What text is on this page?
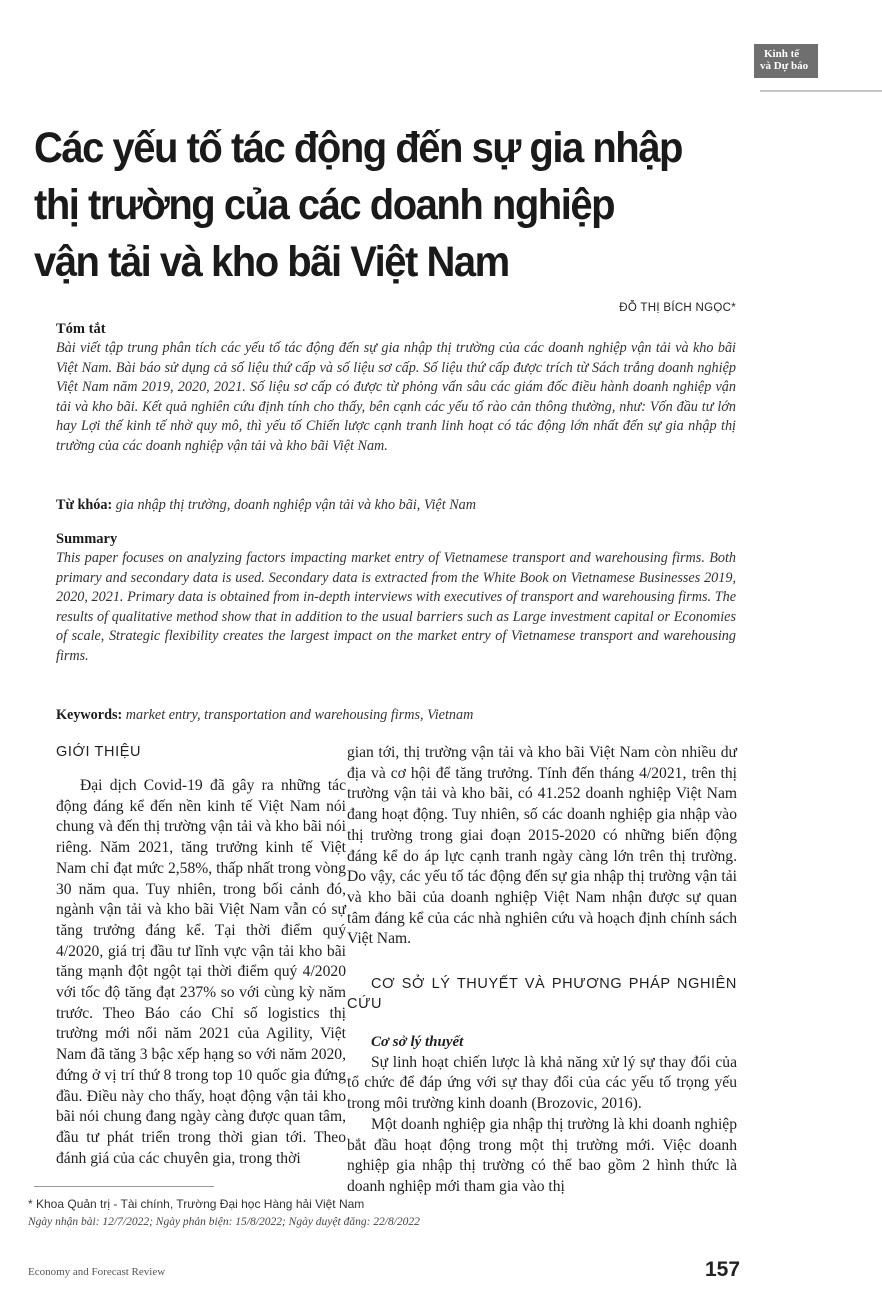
Kinh tế
và Dự báo
Các yếu tố tác động đến sự gia nhập
thị trường của các doanh nghiệp
vận tải và kho bãi Việt Nam
ĐỖ THỊ BÍCH NGỌC*
Tóm tắt
Bài viết tập trung phân tích các yếu tố tác động đến sự gia nhập thị trường của các doanh nghiệp vận tải và kho bãi Việt Nam. Bài báo sử dụng cả số liệu thứ cấp và số liệu sơ cấp. Số liệu thứ cấp được trích từ Sách trắng doanh nghiệp Việt Nam năm 2019, 2020, 2021. Số liệu sơ cấp có được từ phỏng vấn sâu các giám đốc điều hành doanh nghiệp vận tải và kho bãi. Kết quả nghiên cứu định tính cho thấy, bên cạnh các yếu tố rào cản thông thường, như: Vốn đầu tư lớn hay Lợi thế kinh tế nhờ quy mô, thì yếu tố Chiến lược cạnh tranh linh hoạt có tác động lớn nhất đến sự gia nhập thị trường của các doanh nghiệp vận tải và kho bãi Việt Nam.
Từ khóa: gia nhập thị trường, doanh nghiệp vận tải và kho bãi, Việt Nam
Summary
This paper focuses on analyzing factors impacting market entry of Vietnamese transport and warehousing firms. Both primary and secondary data is used. Secondary data is extracted from the White Book on Vietnamese Businesses 2019, 2020, 2021. Primary data is obtained from in-depth interviews with executives of transport and warehousing firms. The results of qualitative method show that in addition to the usual barriers such as Large investment capital or Economies of scale, Strategic flexibility creates the largest impact on the market entry of Vietnamese transport and warehousing firms.
Keywords: market entry, transportation and warehousing firms, Vietnam
GIỚI THIỆU

Đại dịch Covid-19 đã gây ra những tác động đáng kể đến nền kinh tế Việt Nam nói chung và đến thị trường vận tải và kho bãi nói riêng. Năm 2021, tăng trưởng kinh tế Việt Nam chỉ đạt mức 2,58%, thấp nhất trong vòng 30 năm qua. Tuy nhiên, trong bối cảnh đó, ngành vận tải và kho bãi Việt Nam vẫn có sự tăng trưởng đáng kể. Tại thời điểm quý 4/2020, giá trị đầu tư lĩnh vực vận tải kho bãi tăng mạnh đột ngột tại thời điểm quý 4/2020 với tốc độ tăng đạt 237% so với cùng kỳ năm trước. Theo Báo cáo Chỉ số logistics thị trường mới nổi năm 2021 của Agility, Việt Nam đã tăng 3 bậc xếp hạng so với năm 2020, đứng ở vị trí thứ 8 trong top 10 quốc gia đứng đầu. Điều này cho thấy, hoạt động vận tải kho bãi nói chung đang ngày càng được quan tâm, đầu tư phát triển trong thời gian tới. Theo đánh giá của các chuyên gia, trong thời

gian tới, thị trường vận tải và kho bãi Việt Nam còn nhiều dư địa và cơ hội để tăng trưởng. Tính đến tháng 4/2021, trên thị trường vận tải và kho bãi, có 41.252 doanh nghiệp Việt Nam đang hoạt động. Tuy nhiên, số các doanh nghiệp gia nhập vào thị trường trong giai đoạn 2015-2020 có những biến động đáng kể do áp lực cạnh tranh ngày càng lớn trên thị trường. Do vậy, các yếu tố tác động đến sự gia nhập thị trường vận tải và kho bãi của doanh nghiệp Việt Nam nhận được sự quan tâm đáng kể của các nhà nghiên cứu và hoạch định chính sách Việt Nam.

CƠ SỞ LÝ THUYẾT VÀ PHƯƠNG PHÁP NGHIÊN CỨU

Cơ sở lý thuyết

Sự linh hoạt chiến lược là khả năng xử lý sự thay đổi của tổ chức để đáp ứng với sự thay đổi của các yếu tố trọng yếu trong môi trường kinh doanh (Brozovic, 2016).

Một doanh nghiệp gia nhập thị trường là khi doanh nghiệp bắt đầu hoạt động trong một thị trường mới. Việc doanh nghiệp gia nhập thị trường có thể bao gồm 2 hình thức là doanh nghiệp mới tham gia vào thị

* Khoa Quản trị - Tài chính, Trường Đại học Hàng hải Việt Nam
Ngày nhận bài: 12/7/2022; Ngày phản biện: 15/8/2022; Ngày duyệt đăng: 22/8/2022
Economy and Forecast Review	157
